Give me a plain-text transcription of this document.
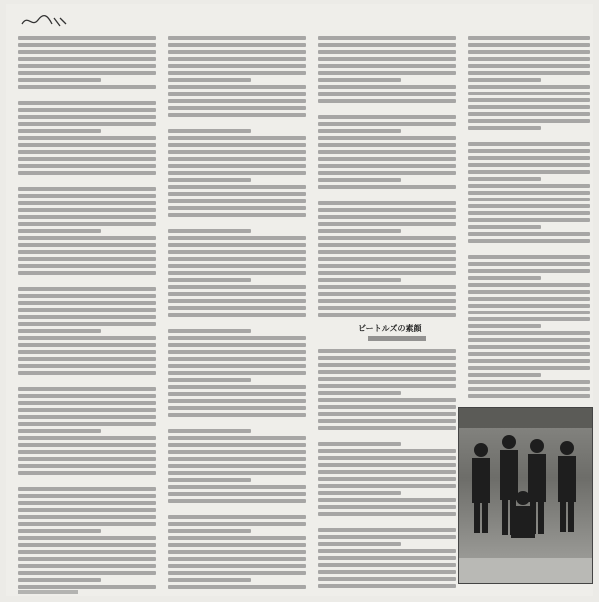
ビートルズの素顔
